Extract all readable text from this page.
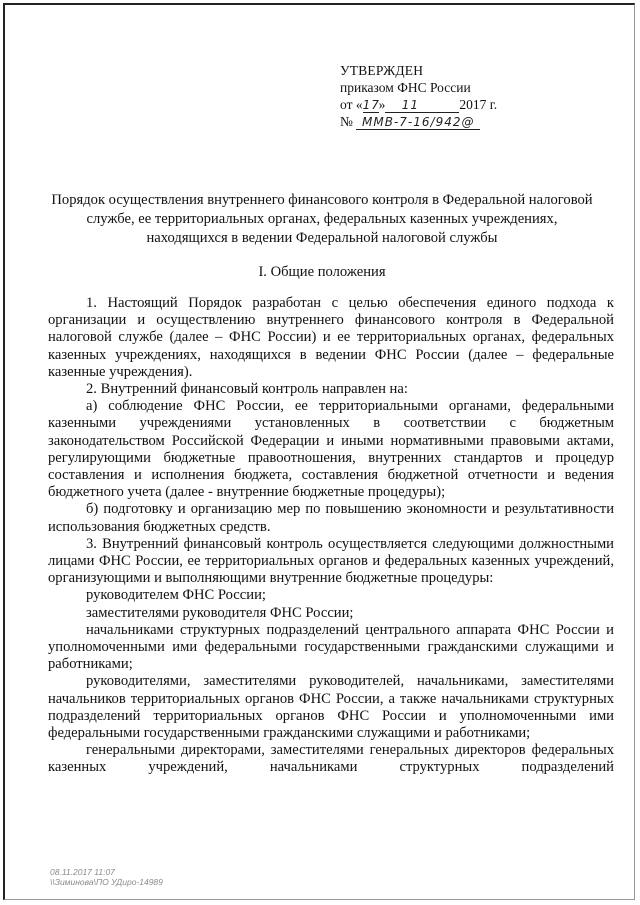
УТВЕРЖДЕН
приказом ФНС России
от «17» 11	2017 г.
№ ММВ-7-16/942@
Порядок осуществления внутреннего финансового контроля в Федеральной налоговой службе, ее территориальных органах, федеральных казенных учреждениях, находящихся в ведении Федеральной налоговой службы
I. Общие положения

1. Настоящий Порядок разработан с целью обеспечения единого подхода к организации и осуществлению внутреннего финансового контроля в Федеральной налоговой службе (далее – ФНС России) и ее территориальных органах, федеральных казенных учреждениях, находящихся в ведении ФНС России (далее – федеральные казенные учреждения).

2. Внутренний финансовый контроль направлен на:

а) соблюдение ФНС России, ее территориальными органами, федеральными казенными учреждениями установленных в соответствии с бюджетным законодательством Российской Федерации и иными нормативными правовыми актами, регулирующими бюджетные правоотношения, внутренних стандартов и процедур составления и исполнения бюджета, составления бюджетной отчетности и ведения бюджетного учета (далее - внутренние бюджетные процедуры);

б) подготовку и организацию мер по повышению экономности и результативности использования бюджетных средств.

3. Внутренний финансовый контроль осуществляется следующими должностными лицами ФНС России, ее территориальных органов и федеральных казенных учреждений, организующими и выполняющими внутренние бюджетные процедуры:

руководителем ФНС России;

заместителями руководителя ФНС России;

начальниками структурных подразделений центрального аппарата ФНС России и уполномоченными ими федеральными государственными гражданскими служащими и работниками;

руководителями, заместителями руководителей, начальниками, заместителями начальников территориальных органов ФНС России, а также начальниками структурных подразделений территориальных органов ФНС России и уполномоченными ими федеральными государственными гражданскими служащими и работниками;

генеральными директорами, заместителями генеральных директоров федеральных казенных учреждений, начальниками структурных подразделений

08.11.2017 11:07
\\Зиминова\ПО УДиро-14989
